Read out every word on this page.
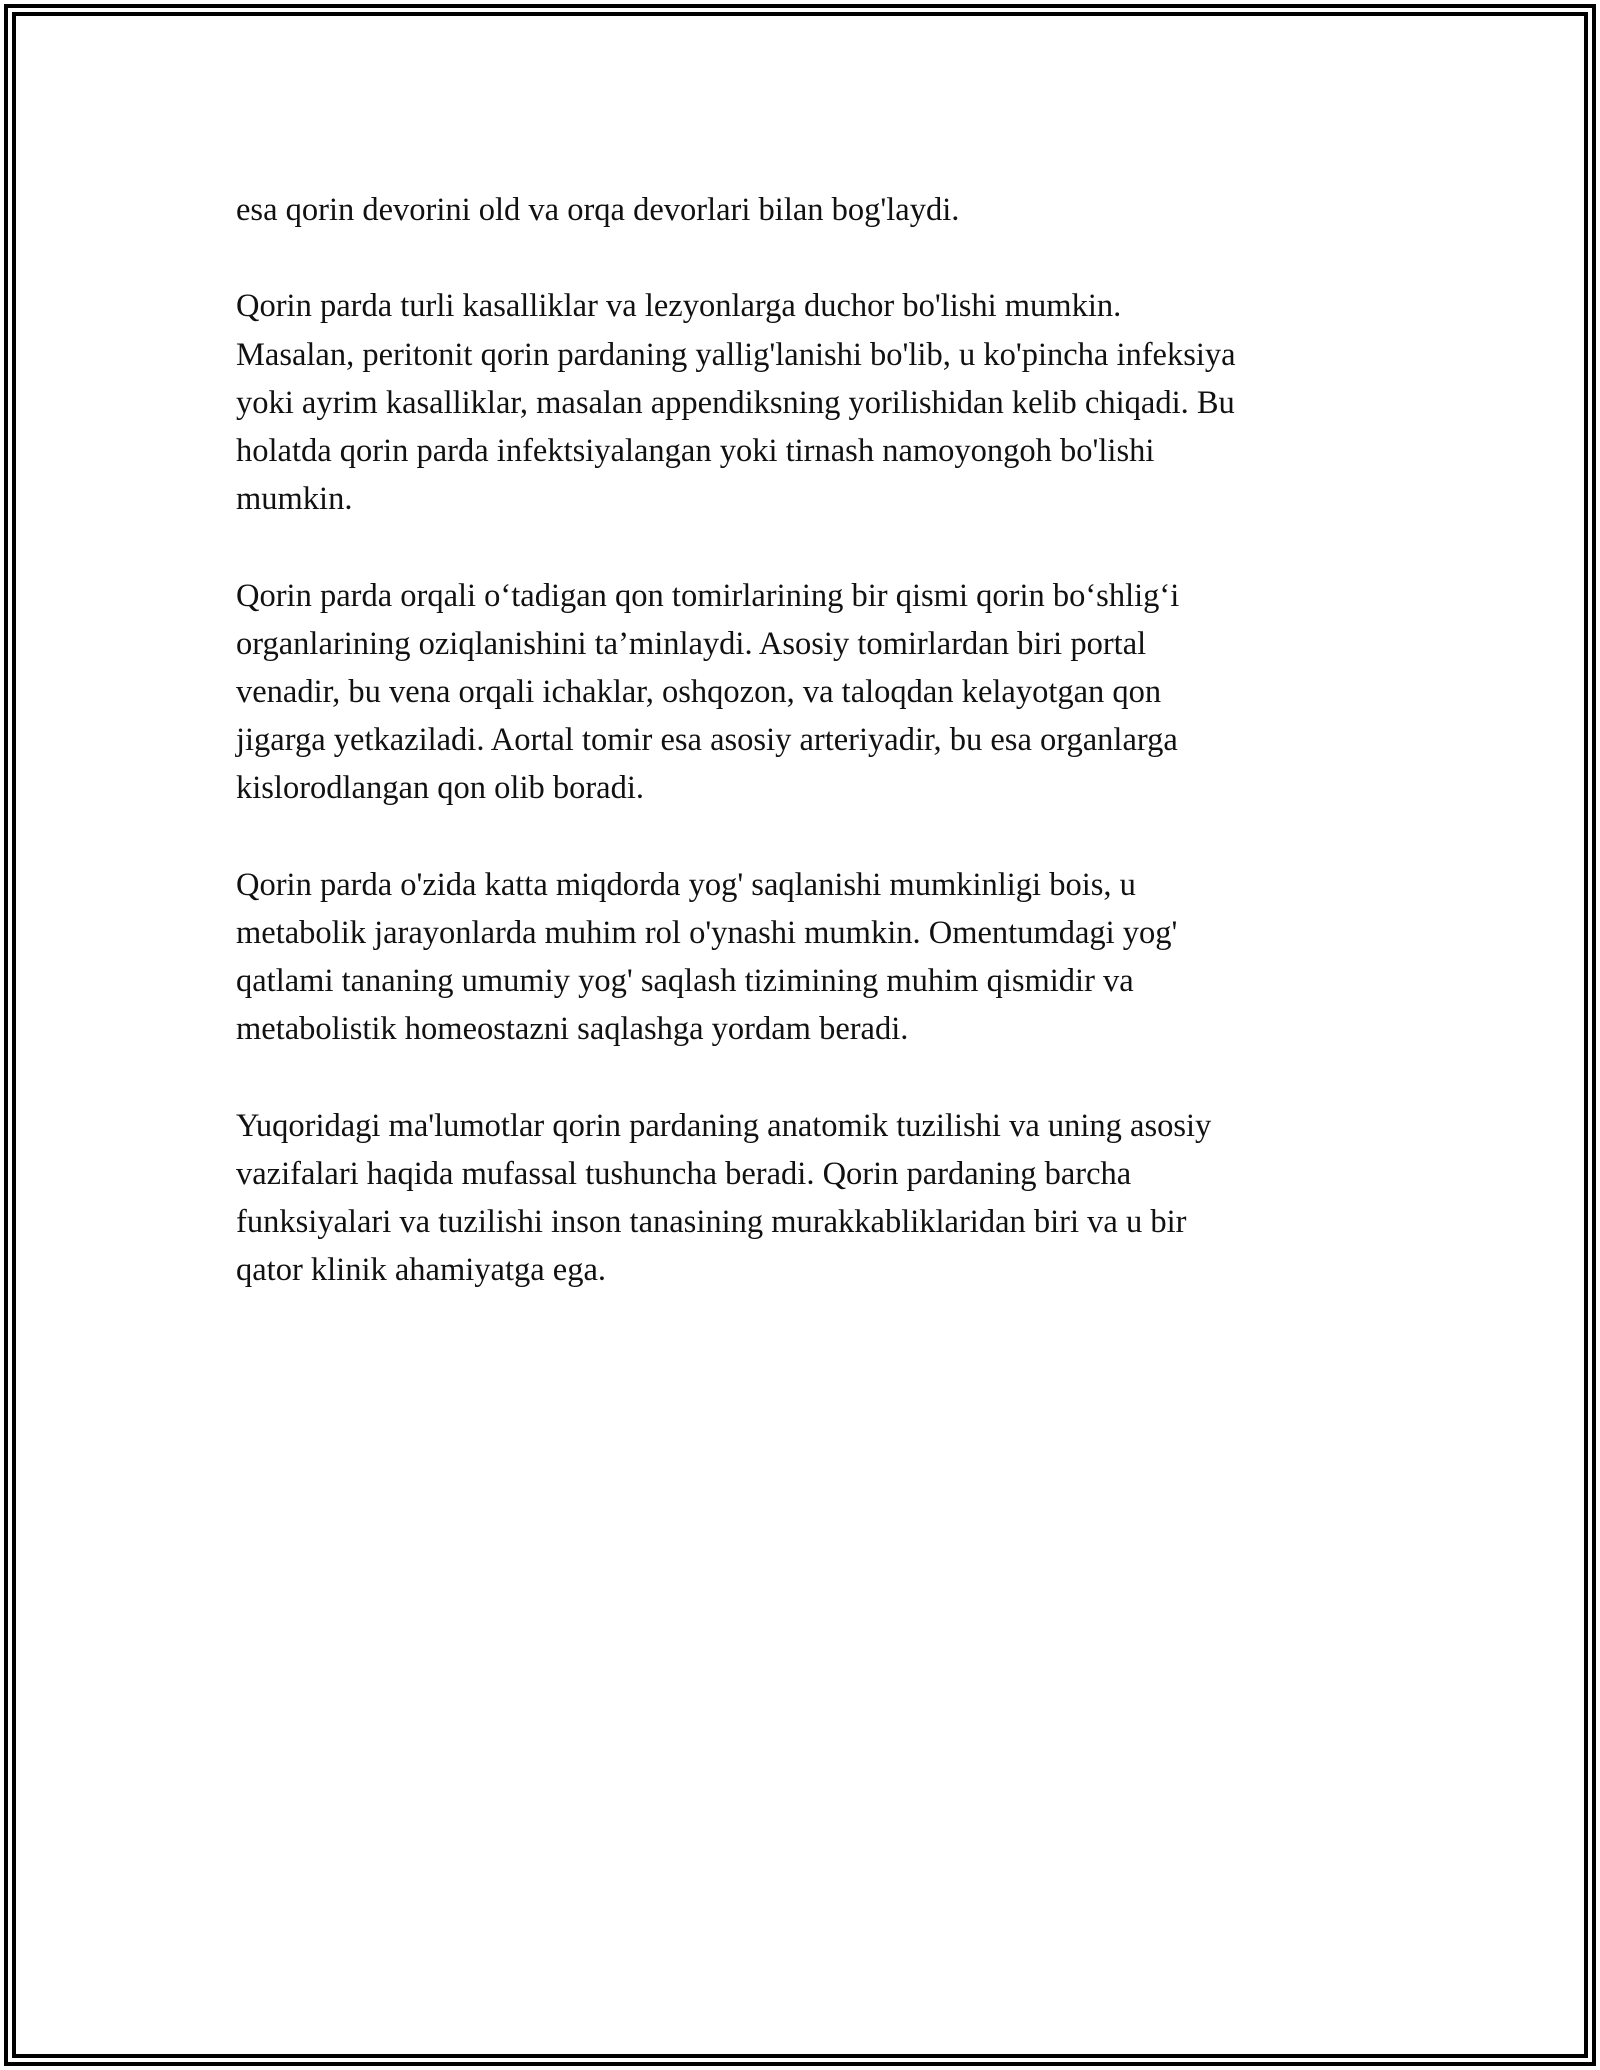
esa qorin devorini old va orqa devorlari bilan bog'laydi.

Qorin parda turli kasalliklar va lezyonlarga duchor bo'lishi mumkin.
Masalan, peritonit qorin pardaning yallig'lanishi bo'lib, u ko'pincha infeksiya
yoki ayrim kasalliklar, masalan appendiksning yorilishidan kelib chiqadi. Bu
holatda qorin parda infektsiyalangan yoki tirnash namoyongoh bo'lishi
mumkin.

Qorin parda orqali o‘tadigan qon tomirlarining bir qismi qorin bo‘shlig‘i
organlarining oziqlanishini ta’minlaydi. Asosiy tomirlardan biri portal
venadir, bu vena orqali ichaklar, oshqozon, va taloqdan kelayotgan qon
jigarga yetkaziladi. Aortal tomir esa asosiy arteriyadir, bu esa organlarga
kislorodlangan qon olib boradi.

Qorin parda o'zida katta miqdorda yog' saqlanishi mumkinligi bois, u
metabolik jarayonlarda muhim rol o'ynashi mumkin. Omentumdagi yog'
qatlami tananing umumiy yog' saqlash tizimining muhim qismidir va
metabolistik homeostazni saqlashga yordam beradi.

Yuqoridagi ma'lumotlar qorin pardaning anatomik tuzilishi va uning asosiy
vazifalari haqida mufassal tushuncha beradi. Qorin pardaning barcha
funksiyalari va tuzilishi inson tanasining murakkabliklaridan biri va u bir
qator klinik ahamiyatga ega.
